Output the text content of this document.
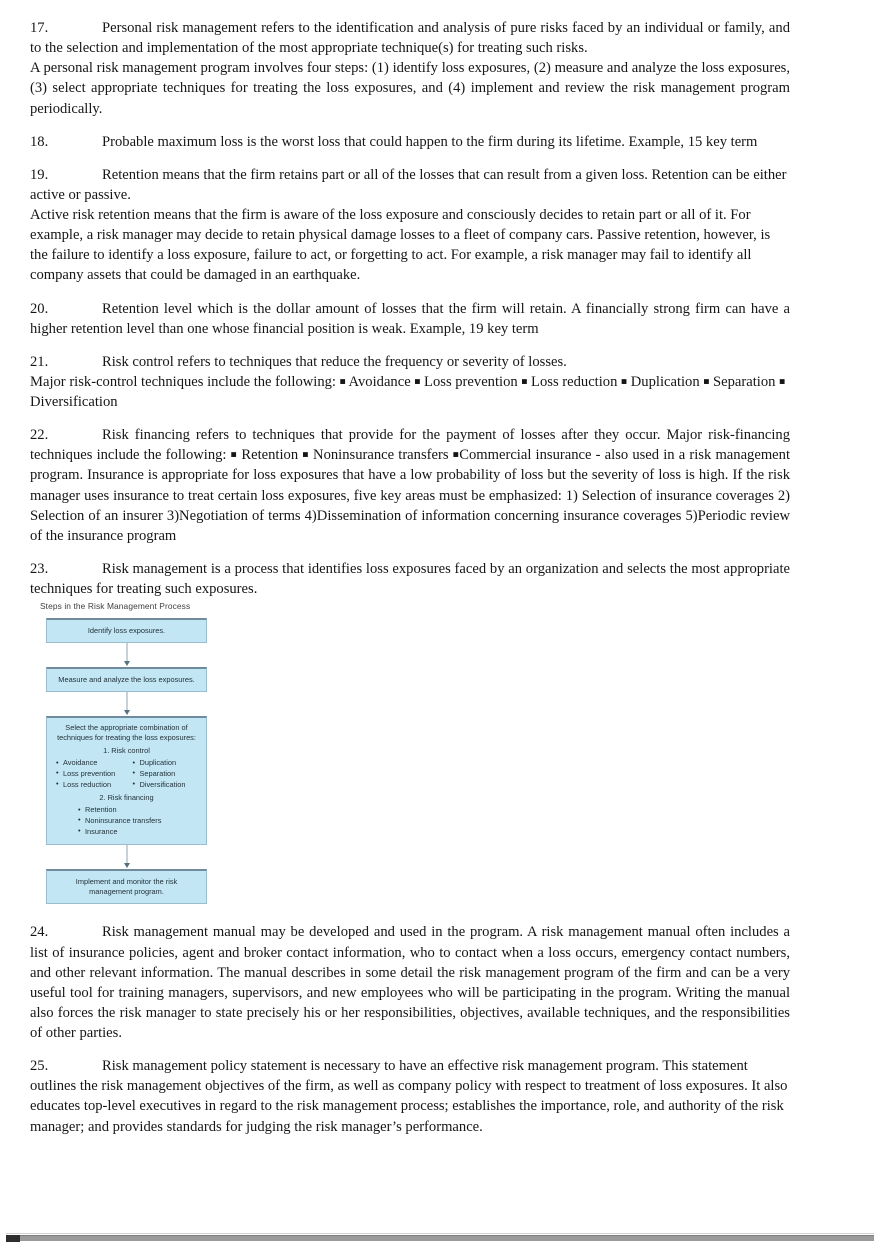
17.	Personal risk management refers to the identification and analysis of pure risks faced by an individual or family, and to the selection and implementation of the most appropriate technique(s) for treating such risks.

A personal risk management program involves four steps: (1) identify loss exposures, (2) measure and analyze the loss exposures, (3) select appropriate techniques for treating the loss exposures, and (4) implement and review the risk management program periodically.

18.	Probable maximum loss is the worst loss that could happen to the firm during its lifetime. Example, 15 key term

19.	Retention means that the firm retains part or all of the losses that can result from a given loss. Retention can be either active or passive.

Active risk retention means that the firm is aware of the loss exposure and consciously decides to retain part or all of it. For example, a risk manager may decide to retain physical damage losses to a fleet of company cars. Passive retention, however, is the failure to identify a loss exposure, failure to act, or forgetting to act. For example, a risk manager may fail to identify all company assets that could be damaged in an earthquake.

20.	Retention level which is the dollar amount of losses that the firm will retain. A financially strong firm can have a higher retention level than one whose financial position is weak. Example, 19 key term

21.	Risk control refers to techniques that reduce the frequency or severity of losses.

Major risk-control techniques include the following: ■ Avoidance ■ Loss prevention ■ Loss reduction ■ Duplication ■ Separation ■ Diversification

22.	Risk financing refers to techniques that provide for the payment of losses after they occur. Major risk-financing techniques include the following: ■ Retention ■ Noninsurance transfers ■Commercial insurance - also used in a risk management program. Insurance is appropriate for loss exposures that have a low probability of loss but the severity of loss is high. If the risk manager uses insurance to treat certain loss exposures, five key areas must be emphasized: 1) Selection of insurance coverages 2) Selection of an insurer 3)Negotiation of terms 4)Dissemination of information concerning insurance coverages 5)Periodic review of the insurance program

23.	Risk management is a process that identifies loss exposures faced by an organization and selects the most appropriate techniques for treating such exposures.

Steps in the Risk Management Process
Identify loss exposures.
Measure and analyze the loss exposures.
Select the appropriate combination of
techniques for treating the loss exposures:
1. Risk control
• Avoidance
• Loss prevention
• Loss reduction
• Duplication
• Separation
• Diversification
2. Risk financing
• Retention
• Noninsurance transfers
• Insurance
Implement and monitor the risk
management program.

24.	Risk management manual may be developed and used in the program. A risk management manual often includes a list of insurance policies, agent and broker contact information, who to contact when a loss occurs, emergency contact numbers, and other relevant information. The manual describes in some detail the risk management program of the firm and can be a very useful tool for training managers, supervisors, and new employees who will be participating in the program. Writing the manual also forces the risk manager to state precisely his or her responsibilities, objectives, available techniques, and the responsibilities of other parties.

25.	Risk management policy statement is necessary to have an effective risk management program. This statement outlines the risk management objectives of the firm, as well as company policy with respect to treatment of loss exposures. It also educates top-level executives in regard to the risk management process; establishes the importance, role, and authority of the risk manager; and provides standards for judging the risk manager’s performance.
